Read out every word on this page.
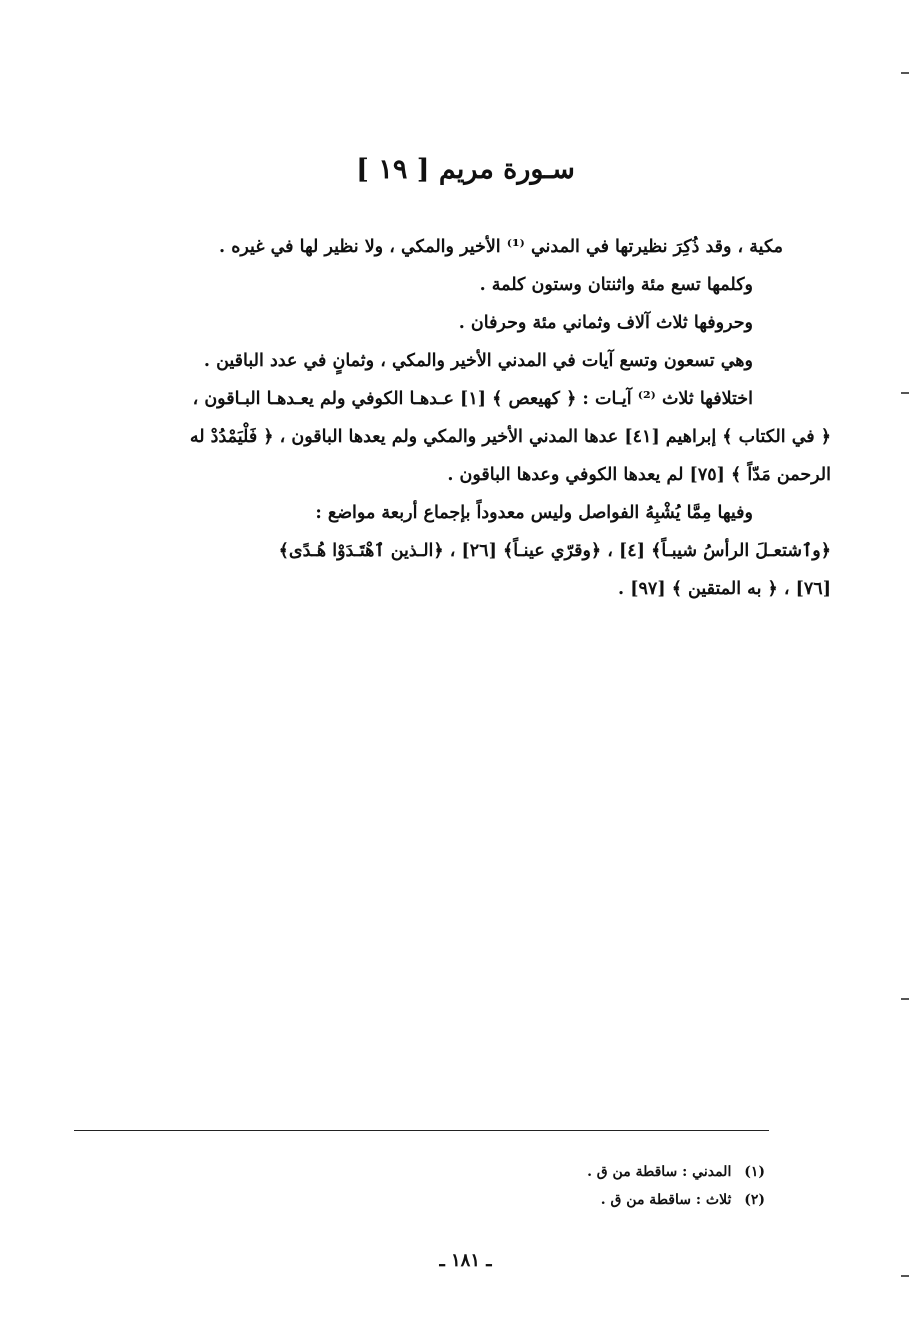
سـورة مريم [ ١٩ ]
مكية ، وقد ذُكِرَ نظيرتها في المدني ⁽¹⁾ الأخير والمكي ، ولا نظير لها في غيره .
وكلمها تسع مئة واثنتان وستون كلمة .
وحروفها ثلاث آلاف وثماني مئة وحرفان .
وهي تسعون وتسع آيات في المدني الأخير والمكي ، وثمانٍ في عدد الباقين .
اختلافها ثلاث ⁽²⁾ آيـات : ﴿ كهيعص ﴾ [١] عـدهـا الكوفي ولم يعـدهـا البـاقون ،
﴿ في الكتاب ﴾ إبراهيم [٤١] عدها المدني الأخير والمكي ولم يعدها الباقون ، ﴿ فَلْيَمْدُدْ له
الرحمن مَدّاً ﴾ [٧٥] لم يعدها الكوفي وعدها الباقون .
وفيها مِمَّا يُشْبِهُ الفواصل وليس معدوداً بإجماع أربعة مواضع :
﴿وٱشتعـلَ الرأسُ شيبـاً﴾ [٤] ، ﴿وقرّي عينـاً﴾ [٢٦] ، ﴿الـذين ٱهْتَـدَوْا هُـدًى﴾
[٧٦] ، ﴿ به المتقين ﴾ [٩٧] .
(١) المدني : ساقطة من ق .
(٢) ثلاث : ساقطة من ق .
ـ ١٨١ ـ
